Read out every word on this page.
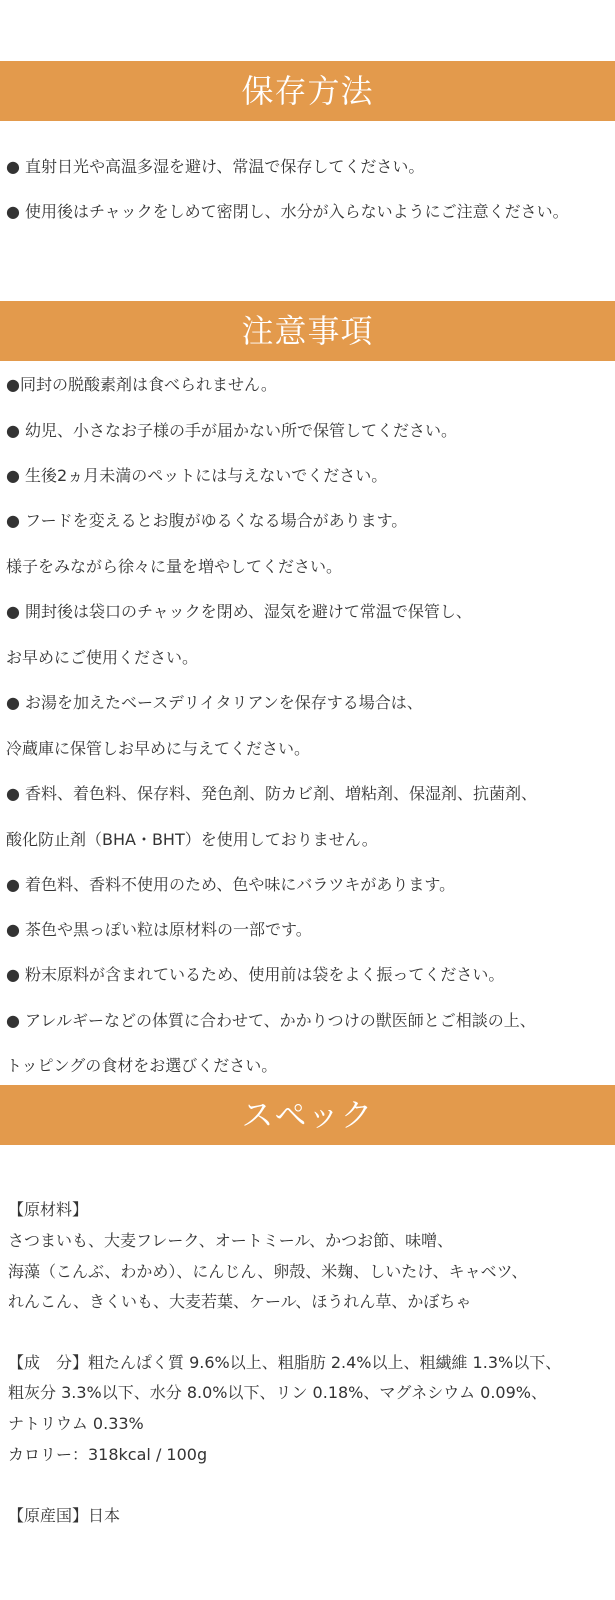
保存方法
● 直射日光や高温多湿を避け、常温で保存してください。
● 使用後はチャックをしめて密閉し、水分が入らないようにご注意ください。
注意事項
●同封の脱酸素剤は食べられません。
● 幼児、小さなお子様の手が届かない所で保管してください。
● 生後2ヵ月未満のペットには与えないでください。
● フードを変えるとお腹がゆるくなる場合があります。
様子をみながら徐々に量を増やしてください。
● 開封後は袋口のチャックを閉め、湿気を避けて常温で保管し、
お早めにご使用ください。
● お湯を加えたベースデリイタリアンを保存する場合は、
冷蔵庫に保管しお早めに与えてください。
● 香料、着色料、保存料、発色剤、防カビ剤、増粘剤、保湿剤、抗菌剤、
酸化防止剤（BHA・BHT）を使用しておりません。
● 着色料、香料不使用のため、色や味にバラツキがあります。
● 茶色や黒っぽい粒は原材料の一部です。
● 粉末原料が含まれているため、使用前は袋をよく振ってください。
● アレルギーなどの体質に合わせて、かかりつけの獣医師とご相談の上、
トッピングの食材をお選びください。
スペック
【原材料】
さつまいも、大麦フレーク、オートミール、かつお節、味噌、
海藻（こんぶ、わかめ）、にんじん、卵殻、米麹、しいたけ、キャベツ、
れんこん、きくいも、大麦若葉、ケール、ほうれん草、かぼちゃ
【成　分】粗たんぱく質 9.6%以上、粗脂肪 2.4%以上、粗繊維 1.3%以下、
粗灰分 3.3%以下、水分 8.0%以下、リン 0.18%、マグネシウム 0.09%、
ナトリウム 0.33%
カロリー：318kcal / 100g
【原産国】日本
